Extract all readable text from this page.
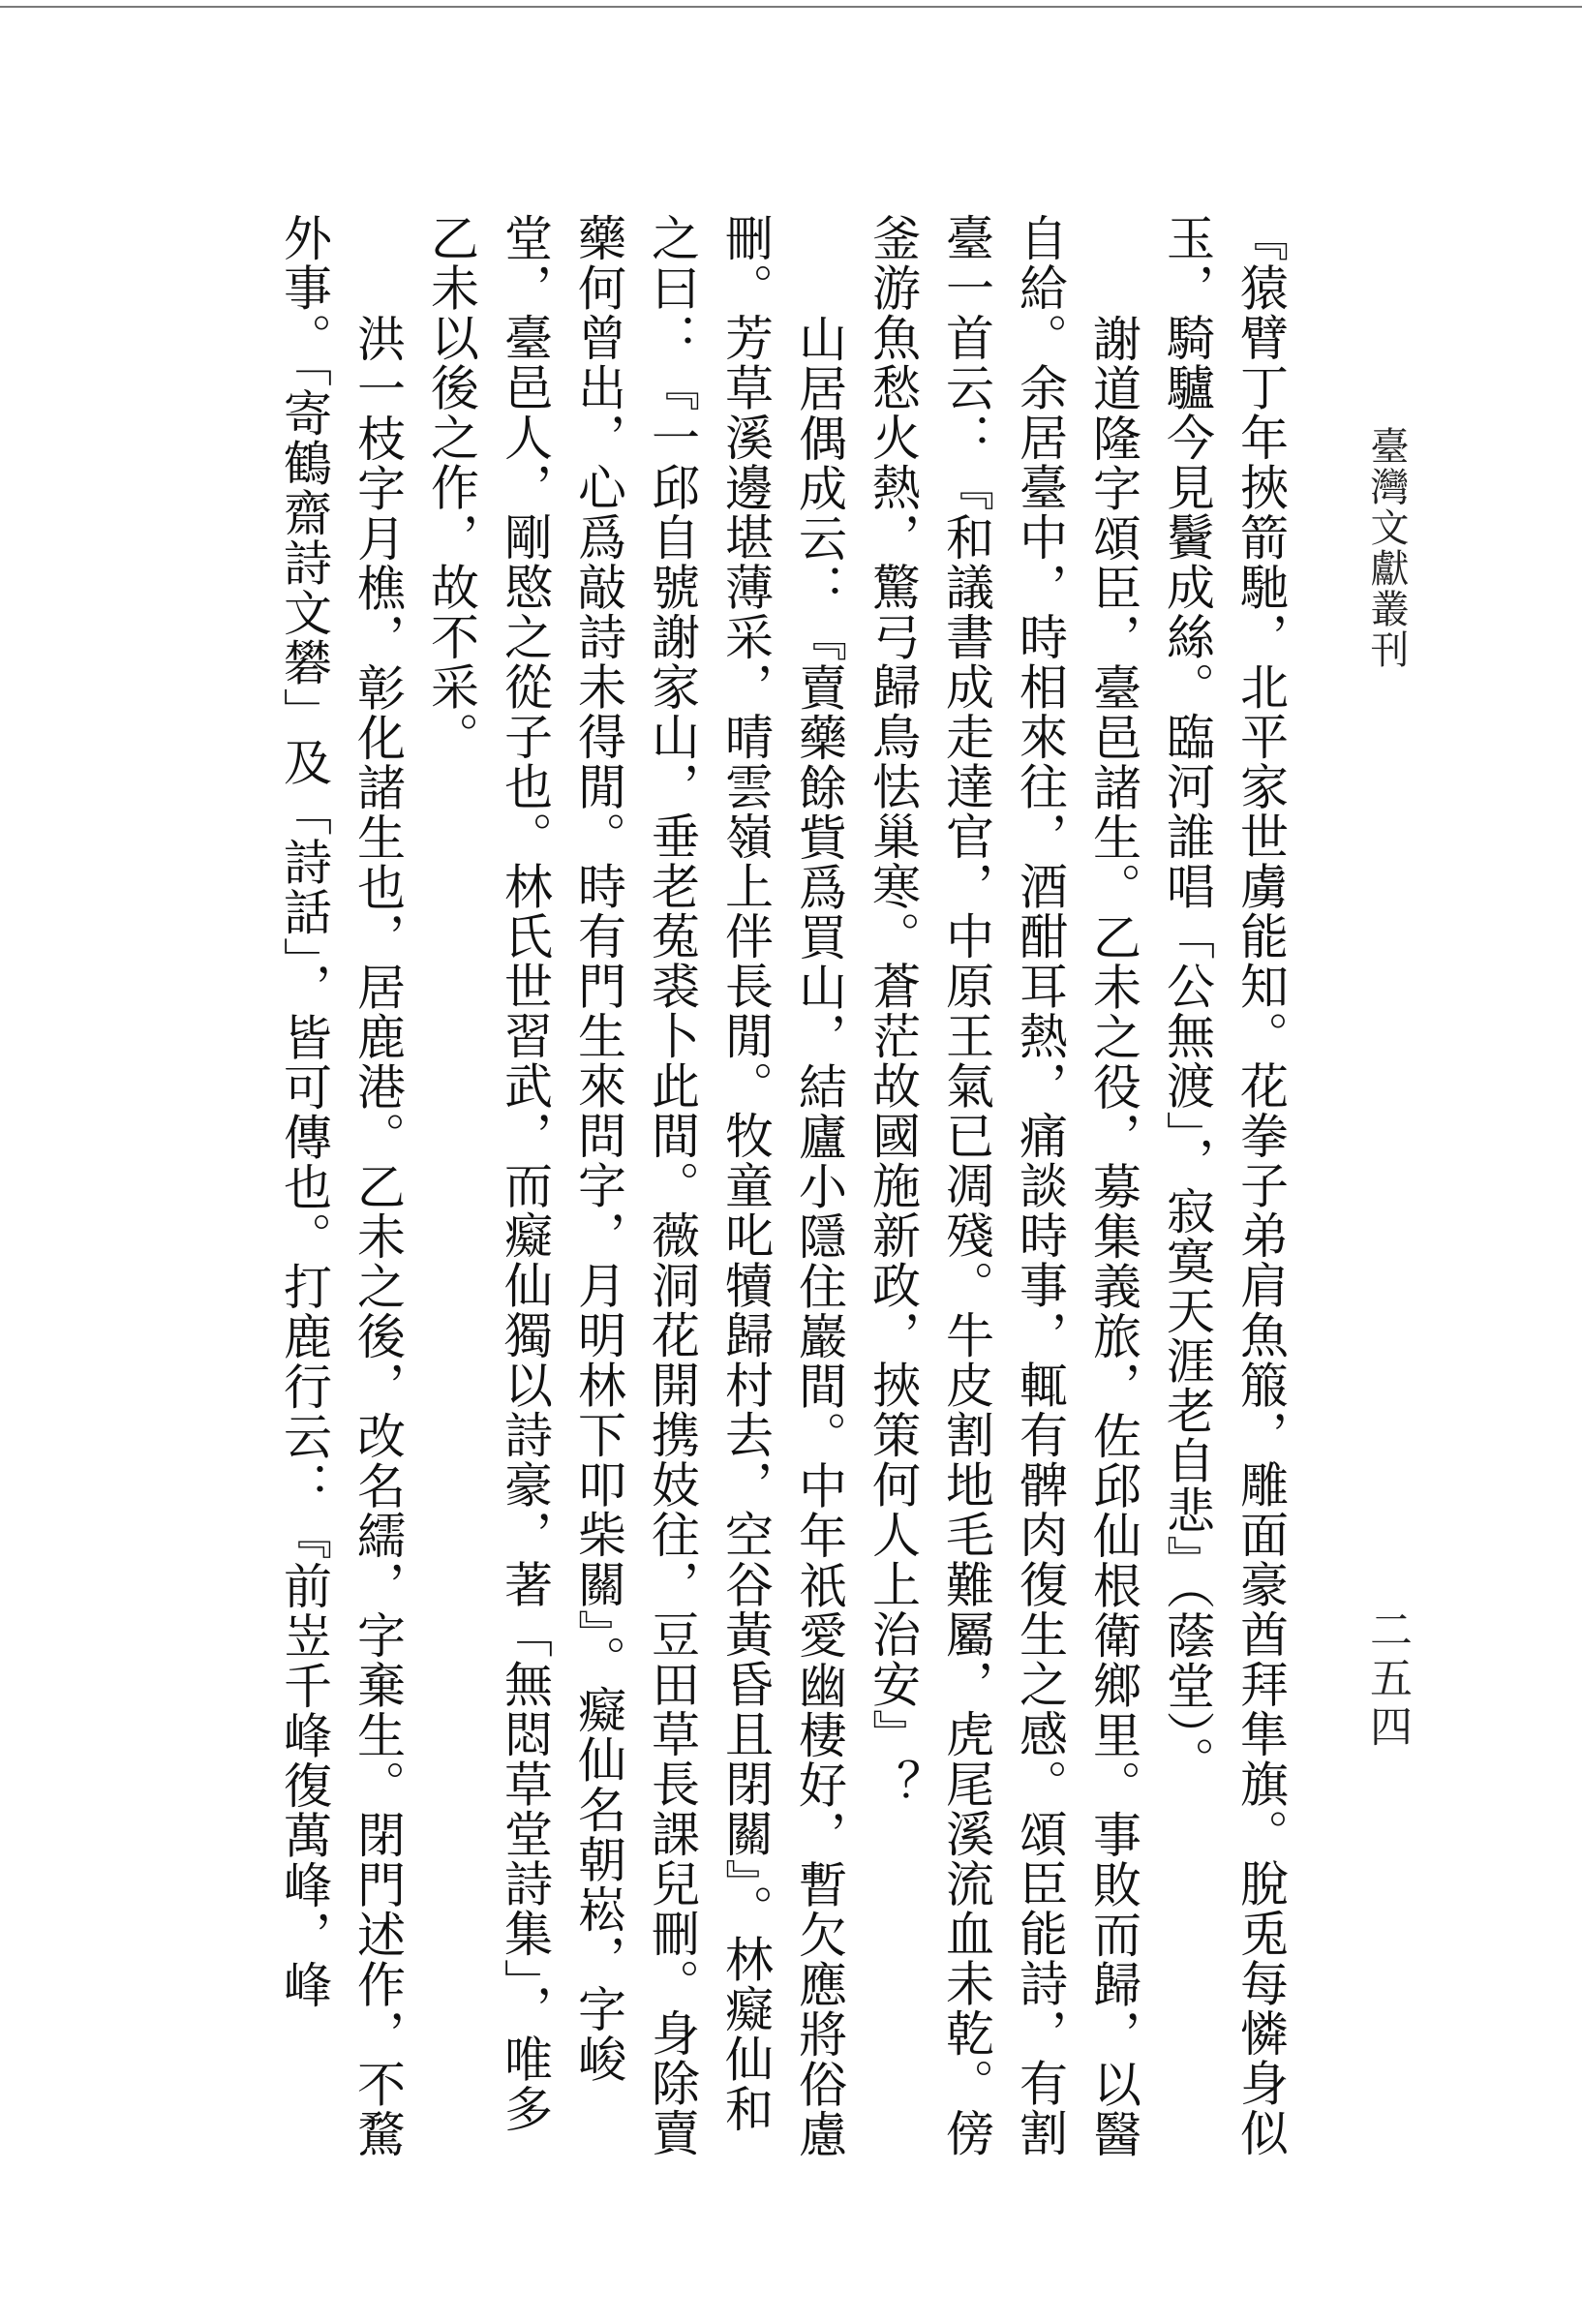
臺灣文獻叢刊
二五四

『猿臂丁年挾箭馳，北平家世虜能知。花拳子弟肩魚箙，雕面豪酋拜隼旗。脫兎每憐身似玉，騎驢今見鬢成絲。臨河誰唱「公無渡」，寂寞天涯老自悲』（蔭堂）。

謝道隆字頌臣，臺邑諸生。乙未之役，募集義旅，佐邱仙根衛鄉里。事敗而歸，以醫自給。余居臺中，時相來往，酒酣耳熱，痛談時事，輒有髀肉復生之感。頌臣能詩，有割臺一首云：『和議書成走達官，中原王氣已凋殘。牛皮割地毛難屬，虎尾溪流血未乾。傍釜游魚愁火熱，驚弓歸鳥怯巢寒。蒼茫故國施新政，挾策何人上治安』？

山居偶成云：『賣藥餘貲爲買山，結廬小隱住巖間。中年祇愛幽棲好，暫欠應將俗慮刪。芳草溪邊堪薄采，晴雲嶺上伴長閒。牧童叱犢歸村去，空谷黃昏且閉關』。林癡仙和之曰：『一邱自號謝家山，垂老菟裘卜此間。薇洞花開携妓往，豆田草長課兒刪。身除賣藥何曾出，心爲敲詩未得閒。時有門生來問字，月明林下叩柴關』。癡仙名朝崧，字峻堂，臺邑人，剛愍之從子也。林氏世習武，而癡仙獨以詩豪，著「無悶草堂詩集」，唯多乙未以後之作，故不采。

洪一枝字月樵，彰化諸生也，居鹿港。乙未之後，改名繻，字棄生。閉門述作，不騖外事。「寄鶴齋詩文礬」及「詩話」，皆可傳也。打鹿行云：『前岦千峰復萬峰，峰
